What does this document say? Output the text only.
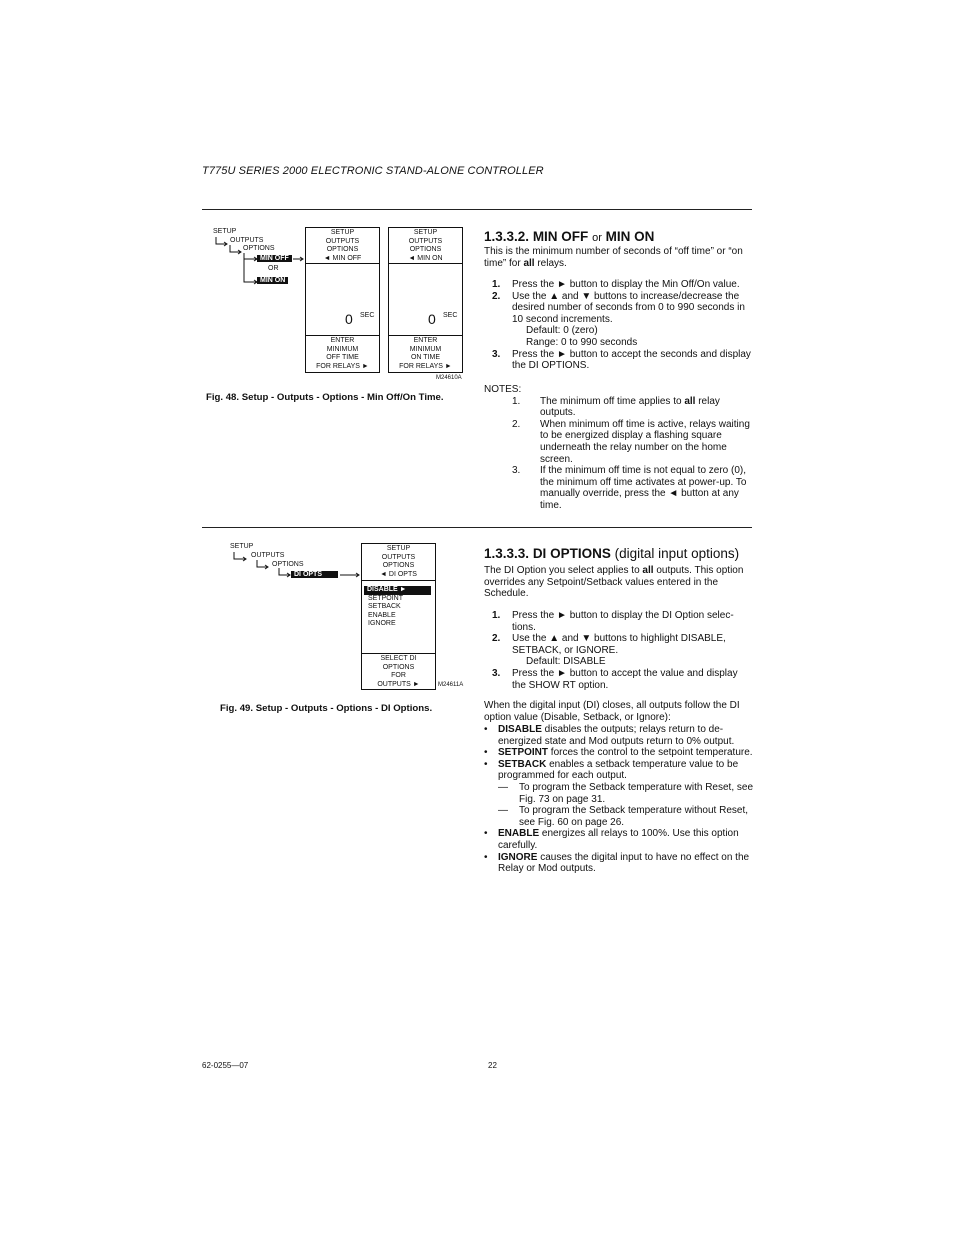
T775U SERIES 2000 ELECTRONIC STAND-ALONE CONTROLLER
SETUP
OUTPUTS
OPTIONS
MIN OFF
OR
MIN ON
SETUP
OUTPUTS
OPTIONS
◄ MIN OFF
0 SEC
ENTER
MINIMUM
OFF TIME
FOR RELAYS ►
SETUP
OUTPUTS
OPTIONS
◄ MIN ON
0 SEC
ENTER
MINIMUM
ON TIME
FOR RELAYS ►
M24610A
Fig. 48. Setup - Outputs - Options - Min Off/On Time.
1.3.3.2. MIN OFF or MIN ON
This is the minimum number of seconds of “off time” or “on time” for all relays.
1. Press the ► button to display the Min Off/On value.
2. Use the ▲ and ▼ buttons to increase/decrease the desired number of seconds from 0 to 990 seconds in 10 second increments.
Default: 0 (zero)
Range: 0 to 990 seconds
3. Press the ► button to accept the seconds and display the DI OPTIONS.
NOTES:
1. The minimum off time applies to all relay outputs.
2. When minimum off time is active, relays waiting to be energized display a flashing square underneath the relay number on the home screen.
3. If the minimum off time is not equal to zero (0), the minimum off time activates at power-up. To manually override, press the ◄ button at any time.
SETUP
OUTPUTS
OPTIONS
DI OPTS
SETUP
OUTPUTS
OPTIONS
◄ DI OPTS
DISABLE ►
SETPOINT
SETBACK
ENABLE
IGNORE
SELECT DI
OPTIONS
FOR
OUTPUTS ►	M24611A
Fig. 49. Setup - Outputs - Options - DI Options.
1.3.3.3. DI OPTIONS (digital input options)
The DI Option you select applies to all outputs. This option overrides any Setpoint/Setback values entered in the Schedule.
1. Press the ► button to display the DI Option selec-tions.
2. Use the ▲ and ▼ buttons to highlight DISABLE, SETBACK, or IGNORE.
Default: DISABLE
3. Press the ► button to accept the value and display the SHOW RT option.
When the digital input (DI) closes, all outputs follow the DI option value (Disable, Setback, or Ignore):
• DISABLE disables the outputs; relays return to de-energized state and Mod outputs return to 0% output.
• SETPOINT forces the control to the setpoint temperature.
• SETBACK enables a setback temperature value to be programmed for each output.
— To program the Setback temperature with Reset, see Fig. 73 on page 31.
— To program the Setback temperature without Reset, see Fig. 60 on page 26.
• ENABLE energizes all relays to 100%. Use this option carefully.
• IGNORE causes the digital input to have no effect on the Relay or Mod outputs.
62-0255—07	22
